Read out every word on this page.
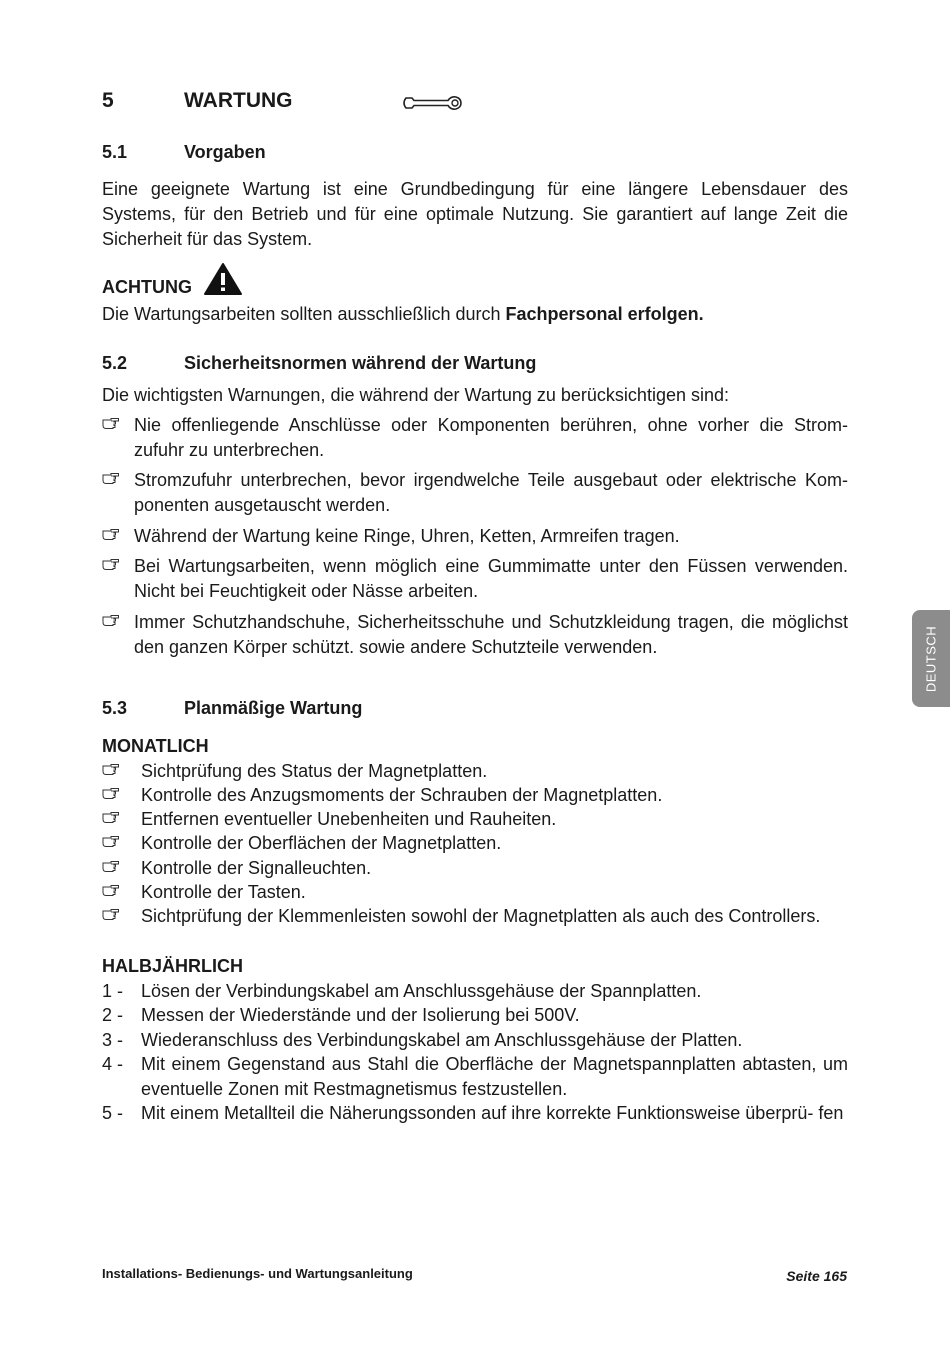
5	WARTUNG
5.1	Vorgaben
Eine geeignete Wartung ist eine Grundbedingung für eine längere Lebensdauer des Systems, für den Betrieb und für eine optimale Nutzung. Sie garantiert auf lange Zeit die Sicherheit für das System.
ACHTUNG
Die Wartungsarbeiten sollten ausschließlich durch Fachpersonal erfolgen.
5.2	Sicherheitsnormen während der Wartung
Die wichtigsten Warnungen, die während der Wartung zu berücksichtigen sind:
Nie offenliegende Anschlüsse oder Komponenten berühren, ohne vorher die Strom- zufuhr zu unterbrechen.
Stromzufuhr unterbrechen, bevor irgendwelche Teile ausgebaut oder elektrische Kom- ponenten ausgetauscht werden.
Während der Wartung keine Ringe, Uhren, Ketten, Armreifen tragen.
Bei Wartungsarbeiten, wenn möglich eine Gummimatte unter den Füssen verwenden. Nicht bei Feuchtigkeit oder Nässe arbeiten.
Immer Schutzhandschuhe, Sicherheitsschuhe und Schutzkleidung tragen, die möglichst den ganzen Körper schützt. sowie andere Schutzteile verwenden.
5.3	Planmäßige Wartung
MONATLICH
Sichtprüfung des Status der Magnetplatten.
Kontrolle des Anzugsmoments der Schrauben der Magnetplatten.
Entfernen eventueller Unebenheiten und Rauheiten.
Kontrolle der Oberflächen der Magnetplatten.
Kontrolle der Signalleuchten.
Kontrolle der Tasten.
Sichtprüfung der Klemmenleisten sowohl der Magnetplatten als auch des Controllers.
HALBJÄHRLICH
1 - Lösen der Verbindungskabel am Anschlussgehäuse der Spannplatten.
2 - Messen der Wiederstände und der Isolierung bei 500V.
3 - Wiederanschluss des Verbindungskabel am Anschlussgehäuse der Platten.
4 - Mit einem Gegenstand aus Stahl die Oberfläche der Magnetspannplatten abtasten, um eventuelle Zonen mit Restmagnetismus festzustellen.
5 - Mit einem Metallteil die Näherungssonden auf ihre korrekte Funktionsweise überprü- fen
DEUTSCH
Installations- Bedienungs- und Wartungsanleitung	Seite 165
